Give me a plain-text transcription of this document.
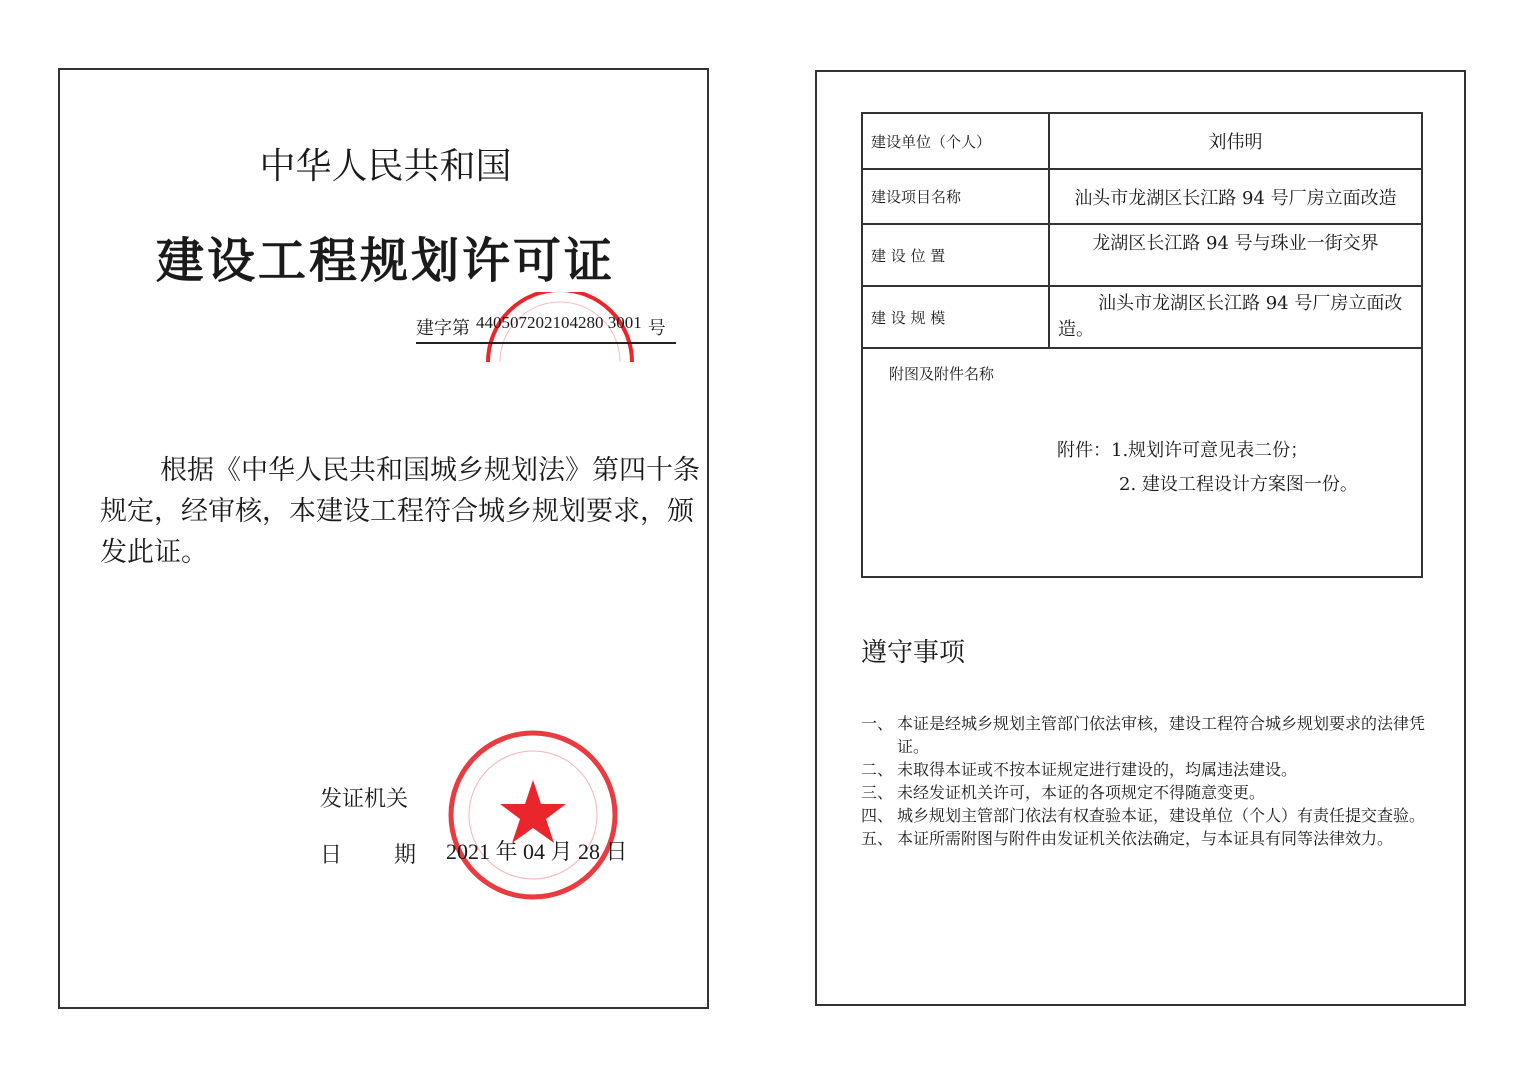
中华人民共和国
建设工程规划许可证
建字第 440507202104280 3001 号
根据《中华人民共和国城乡规划法》第四十条规定，经审核，本建设工程符合城乡规划要求，颁发此证。
发证机关
日期 2021 年 04 月 28 日
建设单位（个人）	刘伟明
建设项目名称	汕头市龙湖区长江路 94 号厂房立面改造
建 设 位 置	龙湖区长江路 94 号与珠业一街交界
建 设 规 模	汕头市龙湖区长江路 94 号厂房立面改造。

附图及附件名称
附件：1.规划许可意见表二份；
2. 建设工程设计方案图一份。	
遵守事项
一、 本证是经城乡规划主管部门依法审核，建设工程符合城乡规划要求的法律凭证。
二、 未取得本证或不按本证规定进行建设的，均属违法建设。
三、 未经发证机关许可，本证的各项规定不得随意变更。
四、 城乡规划主管部门依法有权查验本证，建设单位（个人）有责任提交查验。
五、 本证所需附图与附件由发证机关依法确定，与本证具有同等法律效力。
